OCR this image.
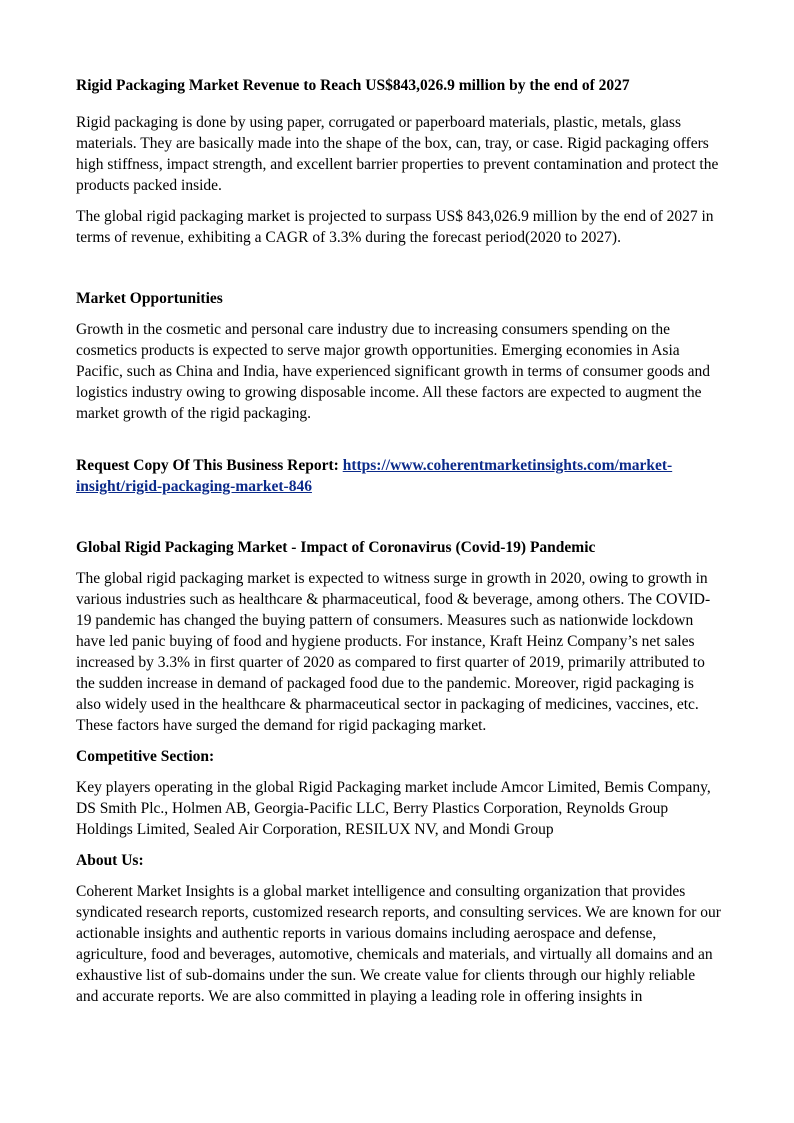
Rigid Packaging Market Revenue to Reach US$843,026.9 million by the end of 2027

Rigid packaging is done by using paper, corrugated or paperboard materials, plastic, metals, glass materials. They are basically made into the shape of the box, can, tray, or case. Rigid packaging offers high stiffness, impact strength, and excellent barrier properties to prevent contamination and protect the products packed inside.

The global rigid packaging market is projected to surpass US$ 843,026.9 million by the end of 2027 in terms of revenue, exhibiting a CAGR of 3.3% during the forecast period(2020 to 2027).

Market Opportunities

Growth in the cosmetic and personal care industry due to increasing consumers spending on the cosmetics products is expected to serve major growth opportunities. Emerging economies in Asia Pacific, such as China and India, have experienced significant growth in terms of consumer goods and logistics industry owing to growing disposable income. All these factors are expected to augment the market growth of the rigid packaging.

Request Copy Of This Business Report: https://www.coherentmarketinsights.com/market-insight/rigid-packaging-market-846

Global Rigid Packaging Market - Impact of Coronavirus (Covid-19) Pandemic

The global rigid packaging market is expected to witness surge in growth in 2020, owing to growth in various industries such as healthcare & pharmaceutical, food & beverage, among others. The COVID-19 pandemic has changed the buying pattern of consumers. Measures such as nationwide lockdown have led panic buying of food and hygiene products. For instance, Kraft Heinz Company’s net sales increased by 3.3% in first quarter of 2020 as compared to first quarter of 2019, primarily attributed to the sudden increase in demand of packaged food due to the pandemic. Moreover, rigid packaging is also widely used in the healthcare & pharmaceutical sector in packaging of medicines, vaccines, etc. These factors have surged the demand for rigid packaging market.

Competitive Section:

Key players operating in the global Rigid Packaging market include Amcor Limited, Bemis Company, DS Smith Plc., Holmen AB, Georgia-Pacific LLC, Berry Plastics Corporation, Reynolds Group Holdings Limited, Sealed Air Corporation, RESILUX NV, and Mondi Group

About Us:

Coherent Market Insights is a global market intelligence and consulting organization that provides syndicated research reports, customized research reports, and consulting services. We are known for our actionable insights and authentic reports in various domains including aerospace and defense, agriculture, food and beverages, automotive, chemicals and materials, and virtually all domains and an exhaustive list of sub-domains under the sun. We create value for clients through our highly reliable and accurate reports. We are also committed in playing a leading role in offering insights in
